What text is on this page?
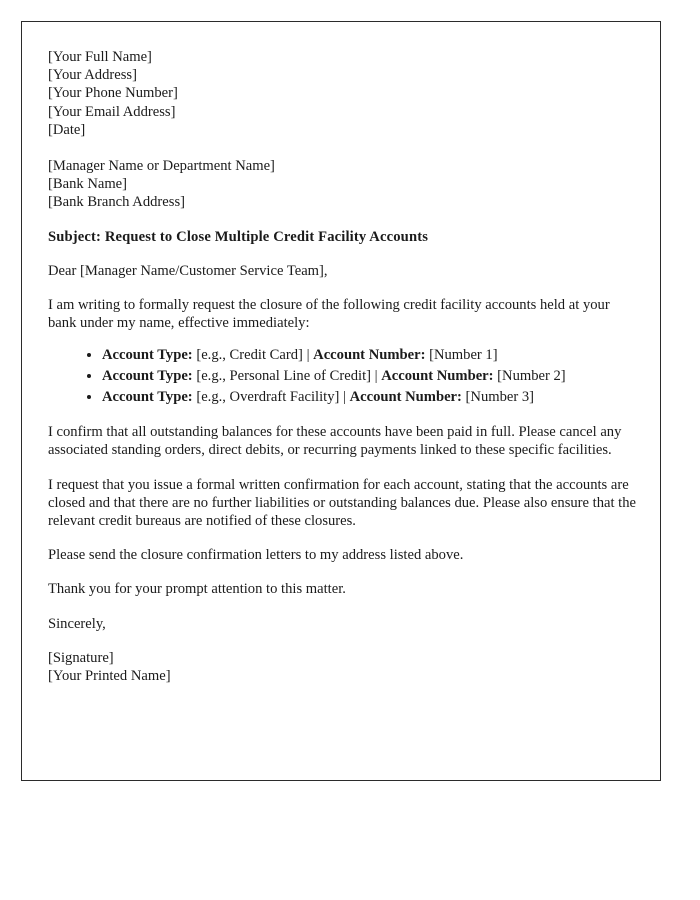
[Your Full Name]
[Your Address]
[Your Phone Number]
[Your Email Address]
[Date]
[Manager Name or Department Name]
[Bank Name]
[Bank Branch Address]

Subject: Request to Close Multiple Credit Facility Accounts

Dear [Manager Name/Customer Service Team],

I am writing to formally request the closure of the following credit facility accounts held at your bank under my name, effective immediately:

• Account Type: [e.g., Credit Card] | Account Number: [Number 1]
• Account Type: [e.g., Personal Line of Credit] | Account Number: [Number 2]
• Account Type: [e.g., Overdraft Facility] | Account Number: [Number 3]

I confirm that all outstanding balances for these accounts have been paid in full. Please cancel any associated standing orders, direct debits, or recurring payments linked to these specific facilities.

I request that you issue a formal written confirmation for each account, stating that the accounts are closed and that there are no further liabilities or outstanding balances due. Please also ensure that the relevant credit bureaus are notified of these closures.

Please send the closure confirmation letters to my address listed above.

Thank you for your prompt attention to this matter.

Sincerely,

[Signature]
[Your Printed Name]
